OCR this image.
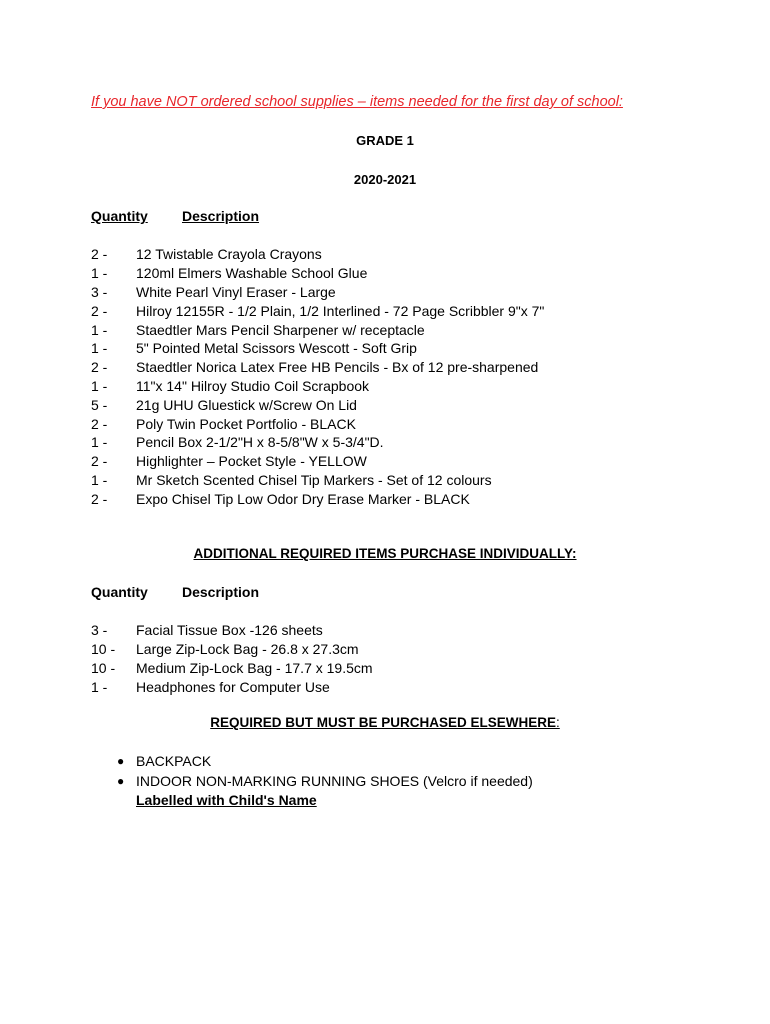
If you have NOT ordered school supplies – items needed for the first day of school:
GRADE 1
2020-2021
Quantity Description
2 -	12 Twistable Crayola Crayons
1 -	120ml Elmers Washable School Glue
3 -	White Pearl Vinyl Eraser - Large
2 -	Hilroy 12155R - 1/2 Plain, 1/2 Interlined - 72 Page Scribbler 9"x 7"
1 -	Staedtler Mars Pencil Sharpener w/ receptacle
1 -	5" Pointed Metal Scissors Wescott - Soft Grip
2 -	Staedtler Norica Latex Free HB Pencils - Bx of 12 pre-sharpened
1 -	11"x 14" Hilroy Studio Coil Scrapbook
5 -	21g UHU Gluestick w/Screw On Lid
2 -	Poly Twin Pocket Portfolio - BLACK
1 -	Pencil Box 2-1/2"H x 8-5/8"W x 5-3/4"D.
2 -	Highlighter – Pocket Style - YELLOW
1 -	Mr Sketch Scented Chisel Tip Markers - Set of 12 colours
2 -	Expo Chisel Tip Low Odor Dry Erase Marker - BLACK
ADDITIONAL REQUIRED ITEMS PURCHASE INDIVIDUALLY:
Quantity Description
3 -	Facial Tissue Box -126 sheets
10 -	Large Zip-Lock Bag - 26.8 x 27.3cm
10 -	Medium Zip-Lock Bag - 17.7 x 19.5cm
1 -	Headphones for Computer Use
REQUIRED BUT MUST BE PURCHASED ELSEWHERE:
● BACKPACK
● INDOOR NON-MARKING RUNNING SHOES (Velcro if needed)
Labelled with Child's Name
